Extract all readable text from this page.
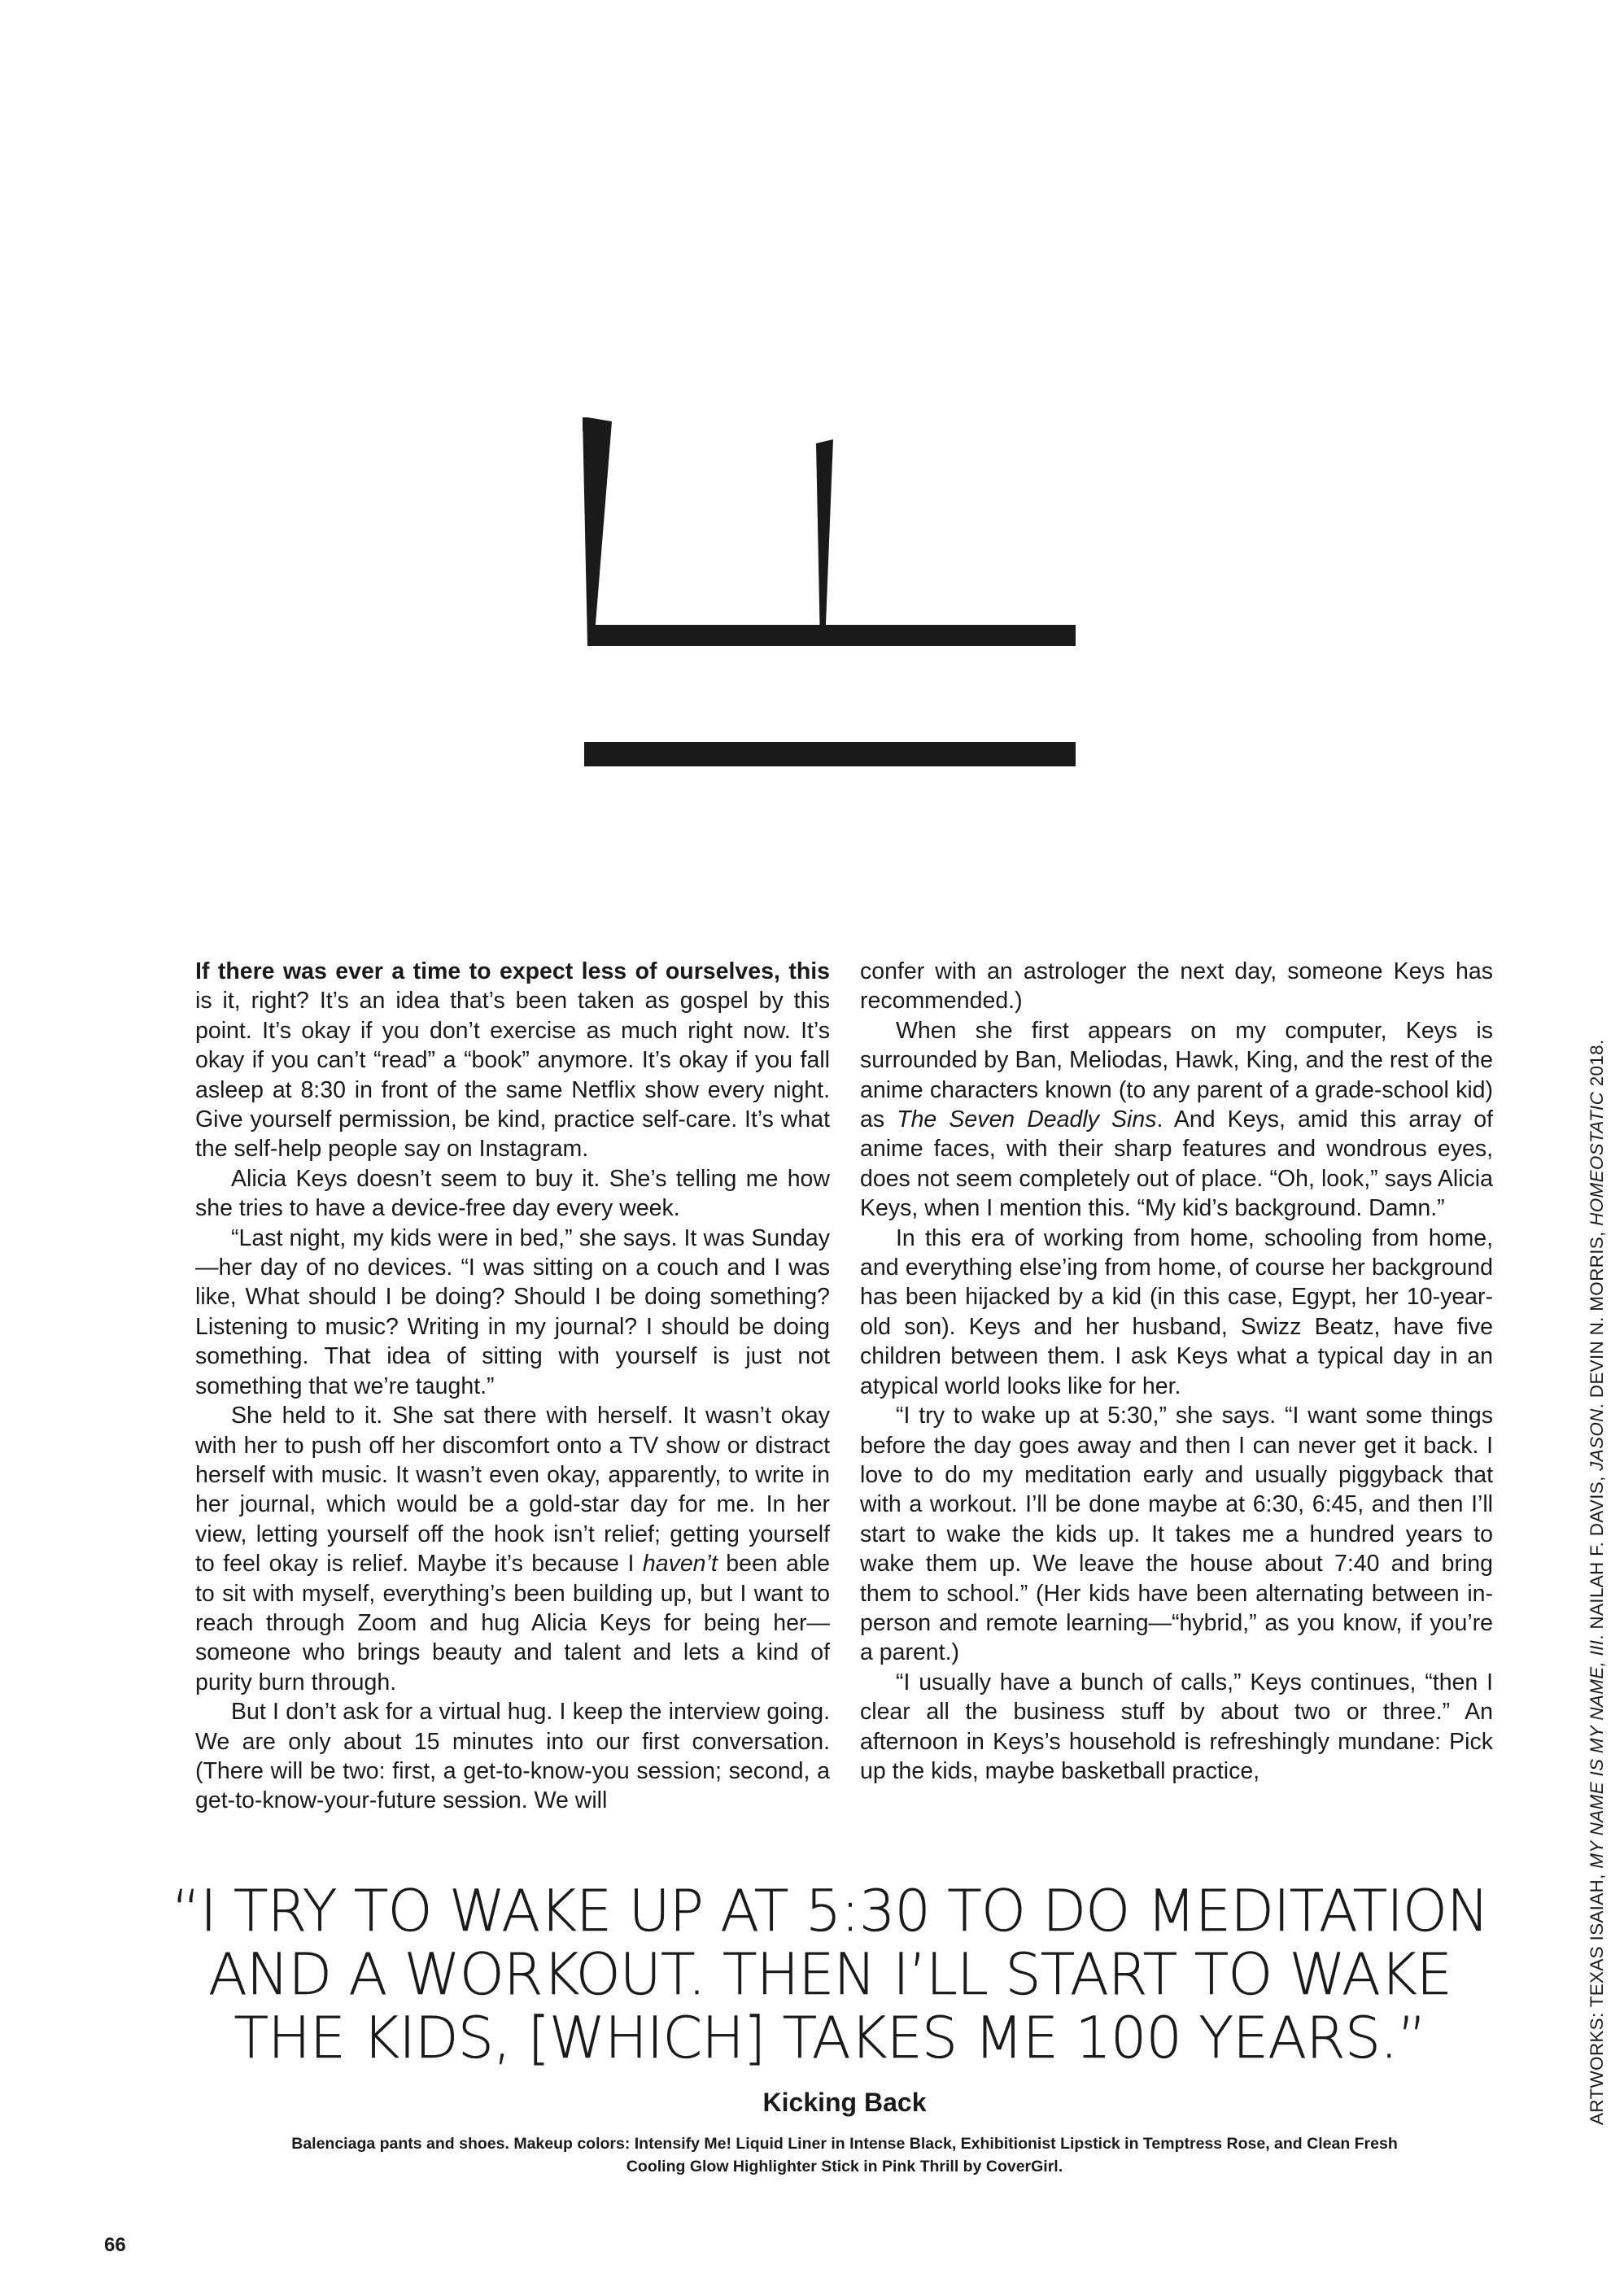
If there was ever a time to expect less of ourselves, this is it, right? It’s an idea that’s been taken as gospel by this point. It’s okay if you don’t exercise as much right now. It’s okay if you can’t “read” a “book” anymore. It’s okay if you fall asleep at 8:30 in front of the same Netflix show every night. Give yourself permission, be kind, practice self-care. It’s what the self-help people say on Instagram.

Alicia Keys doesn’t seem to buy it. She’s telling me how she tries to have a device-free day every week.

“Last night, my kids were in bed,” she says. It was Sunday—her day of no devices. “I was sitting on a couch and I was like, What should I be doing? Should I be doing something? Listening to music? Writing in my journal? I should be doing something. That idea of sitting with yourself is just not something that we’re taught.”

She held to it. She sat there with herself. It wasn’t okay with her to push off her discomfort onto a TV show or distract herself with music. It wasn’t even okay, apparently, to write in her journal, which would be a gold-star day for me. In her view, letting yourself off the hook isn’t relief; getting yourself to feel okay is relief. Maybe it’s because I haven’t been able to sit with myself, everything’s been building up, but I want to reach through Zoom and hug Alicia Keys for being her—someone who brings beauty and talent and lets a kind of purity burn through.

But I don’t ask for a virtual hug. I keep the interview going. We are only about 15 minutes into our first conversation. (There will be two: first, a get-to-know-you session; second, a get-to-know-your-future session. We will

confer with an astrologer the next day, someone Keys has recommended.)

When she first appears on my computer, Keys is surrounded by Ban, Meliodas, Hawk, King, and the rest of the anime characters known (to any parent of a grade-school kid) as The Seven Deadly Sins. And Keys, amid this array of anime faces, with their sharp features and wondrous eyes, does not seem completely out of place. “Oh, look,” says Alicia Keys, when I mention this. “My kid’s background. Damn.”

In this era of working from home, schooling from home, and everything else’ing from home, of course her background has been hijacked by a kid (in this case, Egypt, her 10-year-old son). Keys and her husband, Swizz Beatz, have five children between them. I ask Keys what a typical day in an atypical world looks like for her.

“I try to wake up at 5:30,” she says. “I want some things before the day goes away and then I can never get it back. I love to do my meditation early and usually piggyback that with a workout. I’ll be done maybe at 6:30, 6:45, and then I’ll start to wake the kids up. It takes me a hundred years to wake them up. We leave the house about 7:40 and bring them to school.” (Her kids have been alternating between in-person and remote learning—“hybrid,” as you know, if you’re a parent.)

“I usually have a bunch of calls,” Keys continues, “then I clear all the business stuff by about two or three.” An afternoon in Keys’s household is refreshingly mundane: Pick up the kids, maybe basketball practice,

“I TRY TO WAKE UP AT 5:30 TO DO MEDITATION AND A WORKOUT. THEN I’LL START TO WAKE THE KIDS, [WHICH] TAKES ME 100 YEARS.”

Kicking Back

Balenciaga pants and shoes. Makeup colors: Intensify Me! Liquid Liner in Intense Black, Exhibitionist Lipstick in Temptress Rose, and Clean Fresh Cooling Glow Highlighter Stick in Pink Thrill by CoverGirl.

ARTWORKS: TEXAS ISAIAH, MY NAME IS MY NAME, III. NAILAH F. DAVIS, JASON. DEVIN N. MORRIS, HOMEOSTATIC 2018.
66
